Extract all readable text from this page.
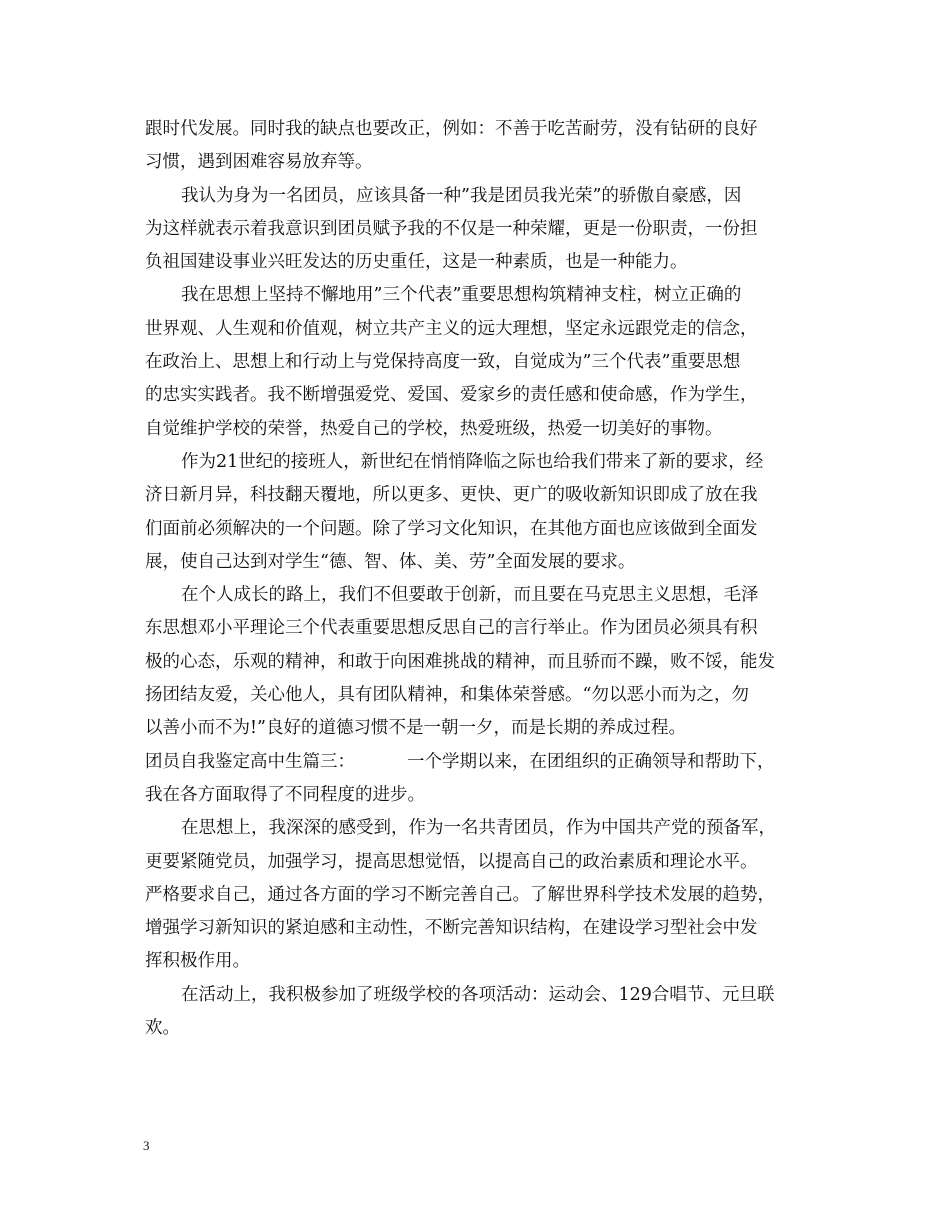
跟时代发展。同时我的缺点也要改正，例如：不善于吃苦耐劳，没有钻研的良好
习惯，遇到困难容易放弃等。
我认为身为一名团员，应该具备一种”我是团员我光荣”的骄傲自豪感，因
为这样就表示着我意识到团员赋予我的不仅是一种荣耀，更是一份职责，一份担
负祖国建设事业兴旺发达的历史重任，这是一种素质，也是一种能力。
我在思想上坚持不懈地用”三个代表”重要思想构筑精神支柱，树立正确的
世界观、人生观和价值观，树立共产主义的远大理想，坚定永远跟党走的信念，
在政治上、思想上和行动上与党保持高度一致，自觉成为”三个代表”重要思想
的忠实实践者。我不断增强爱党、爱国、爱家乡的责任感和使命感，作为学生，
自觉维护学校的荣誉，热爱自己的学校，热爱班级，热爱一切美好的事物。
作为21世纪的接班人，新世纪在悄悄降临之际也给我们带来了新的要求，经
济日新月异，科技翻天覆地，所以更多、更快、更广的吸收新知识即成了放在我
们面前必须解决的一个问题。除了学习文化知识，在其他方面也应该做到全面发
展，使自己达到对学生“德、智、体、美、劳”全面发展的要求。
在个人成长的路上，我们不但要敢于创新，而且要在马克思主义思想，毛泽
东思想邓小平理论三个代表重要思想反思自己的言行举止。作为团员必须具有积
极的心态，乐观的精神，和敢于向困难挑战的精神，而且骄而不躁，败不馁，能发
扬团结友爱，关心他人，具有团队精神，和集体荣誉感。“勿以恶小而为之，勿
以善小而不为!”良好的道德习惯不是一朝一夕，而是长期的养成过程。
团员自我鉴定高中生篇三：	一个学期以来，在团组织的正确领导和帮助下，
我在各方面取得了不同程度的进步。
在思想上，我深深的感受到，作为一名共青团员，作为中国共产党的预备军，
更要紧随党员，加强学习，提高思想觉悟，以提高自己的政治素质和理论水平。
严格要求自己，通过各方面的学习不断完善自己。了解世界科学技术发展的趋势，
增强学习新知识的紧迫感和主动性，不断完善知识结构，在建设学习型社会中发
挥积极作用。
在活动上，我积极参加了班级学校的各项活动：运动会、129合唱节、元旦联
欢。
3
